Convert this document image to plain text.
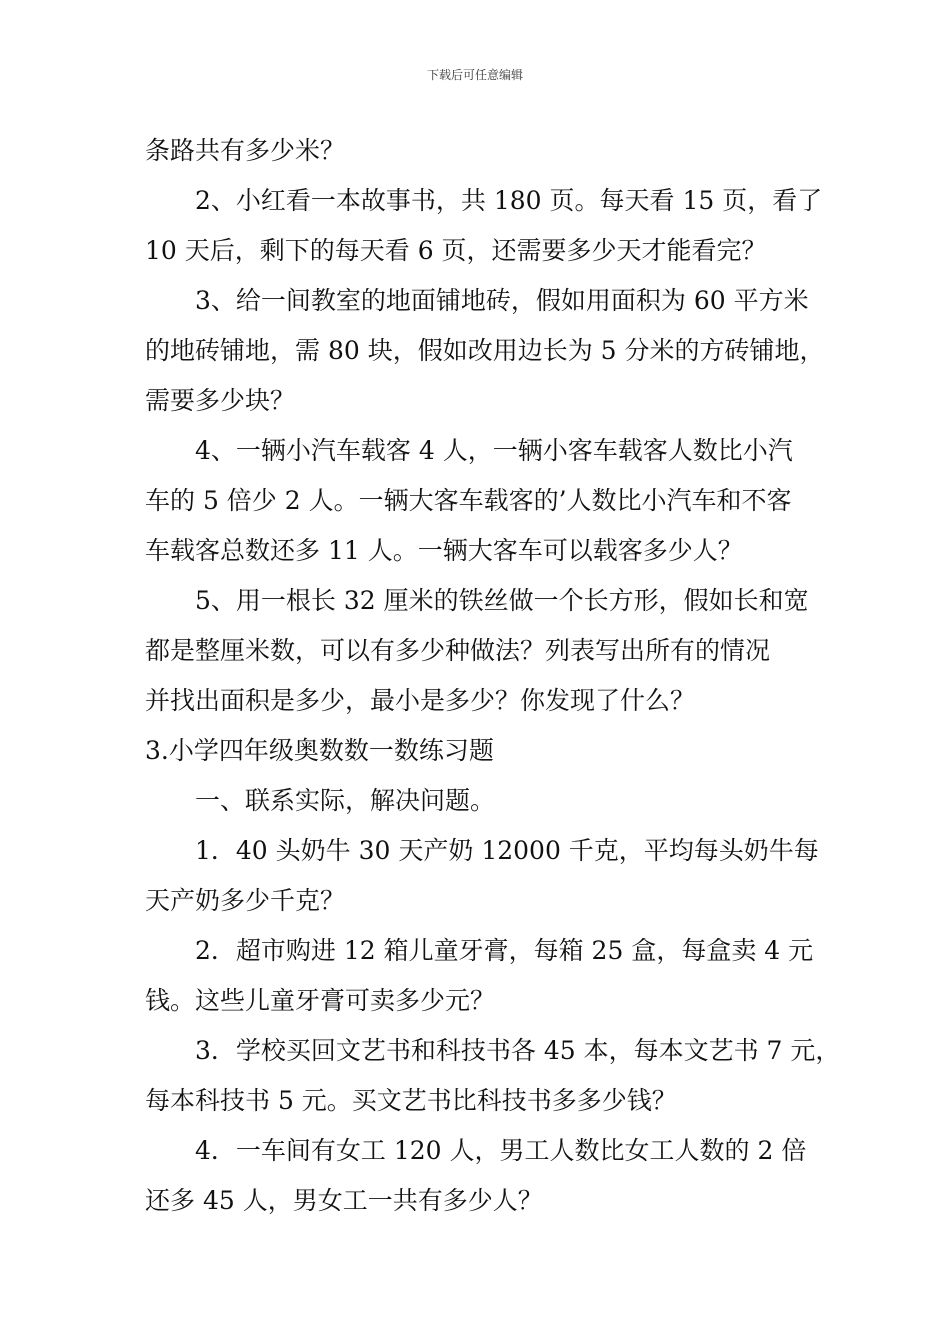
下载后可任意编辑
条路共有多少米？
2、小红看一本故事书，共 180 页。每天看 15 页，看了
10 天后，剩下的每天看 6 页，还需要多少天才能看完？
3、给一间教室的地面铺地砖，假如用面积为 60 平方米
的地砖铺地，需 80 块，假如改用边长为 5 分米的方砖铺地，
需要多少块？
4、一辆小汽车载客 4 人，一辆小客车载客人数比小汽
车的 5 倍少 2 人。一辆大客车载客的’人数比小汽车和不客
车载客总数还多 11 人。一辆大客车可以载客多少人？
5、用一根长 32 厘米的铁丝做一个长方形，假如长和宽
都是整厘米数，可以有多少种做法？列表写出所有的情况
并找出面积是多少，最小是多少？你发现了什么？
3.小学四年级奥数数一数练习题
一、联系实际，解决问题。
1．40 头奶牛 30 天产奶 12000 千克，平均每头奶牛每
天产奶多少千克？
2．超市购进 12 箱儿童牙膏，每箱 25 盒，每盒卖 4 元
钱。这些儿童牙膏可卖多少元？
3．学校买回文艺书和科技书各 45 本，每本文艺书 7 元，
每本科技书 5 元。买文艺书比科技书多多少钱？
4．一车间有女工 120 人，男工人数比女工人数的 2 倍
还多 45 人，男女工一共有多少人？
